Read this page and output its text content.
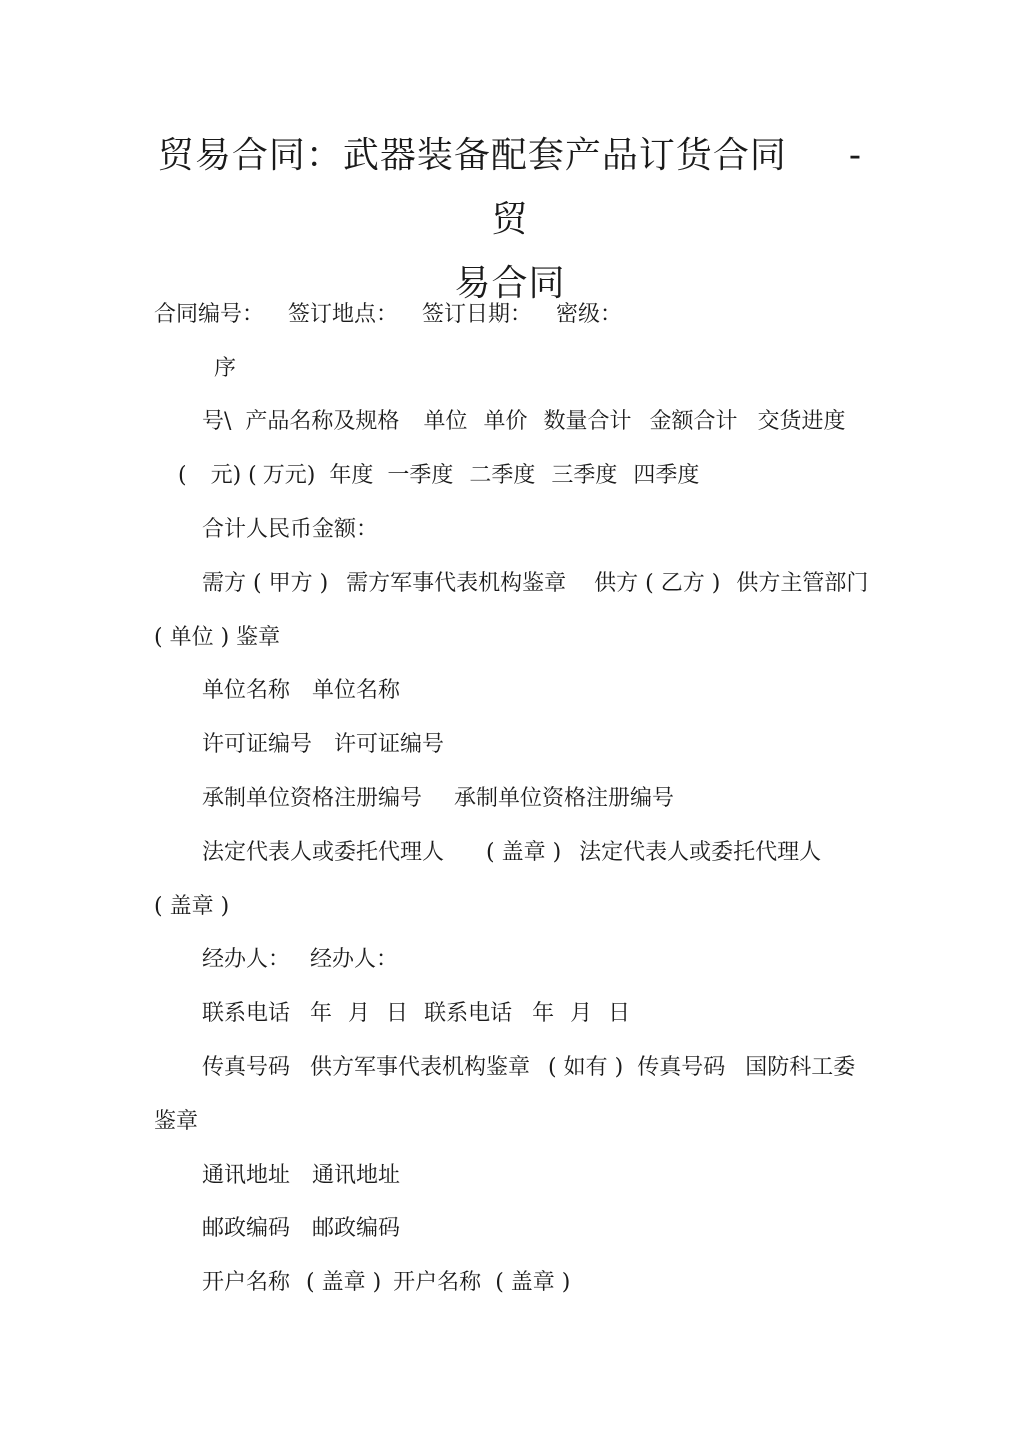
贸易合同：武器装备配套产品订货合同 - 贸
易合同
合同编号： 签订地点： 签订日期： 密级：
序
号\ 产品名称及规格 单位 单价 数量合计 金额合计 交货进度
( 元) ( 万元) 年度 一季度 二季度 三季度 四季度
合计人民币金额：
需方 ( 甲方 ) 需方军事代表机构鉴章 供方 ( 乙方 ) 供方主管部门
( 单位 ) 鉴章
单位名称 单位名称
许可证编号 许可证编号
承制单位资格注册编号 承制单位资格注册编号
法定代表人或委托代理人 ( 盖章 ) 法定代表人或委托代理人
( 盖章 )
经办人： 经办人：
联系电话 年 月 日 联系电话 年 月 日
传真号码 供方军事代表机构鉴章 ( 如有 ) 传真号码 国防科工委
鉴章
通讯地址 通讯地址
邮政编码 邮政编码
开户名称 ( 盖章 ) 开户名称 ( 盖章 )
